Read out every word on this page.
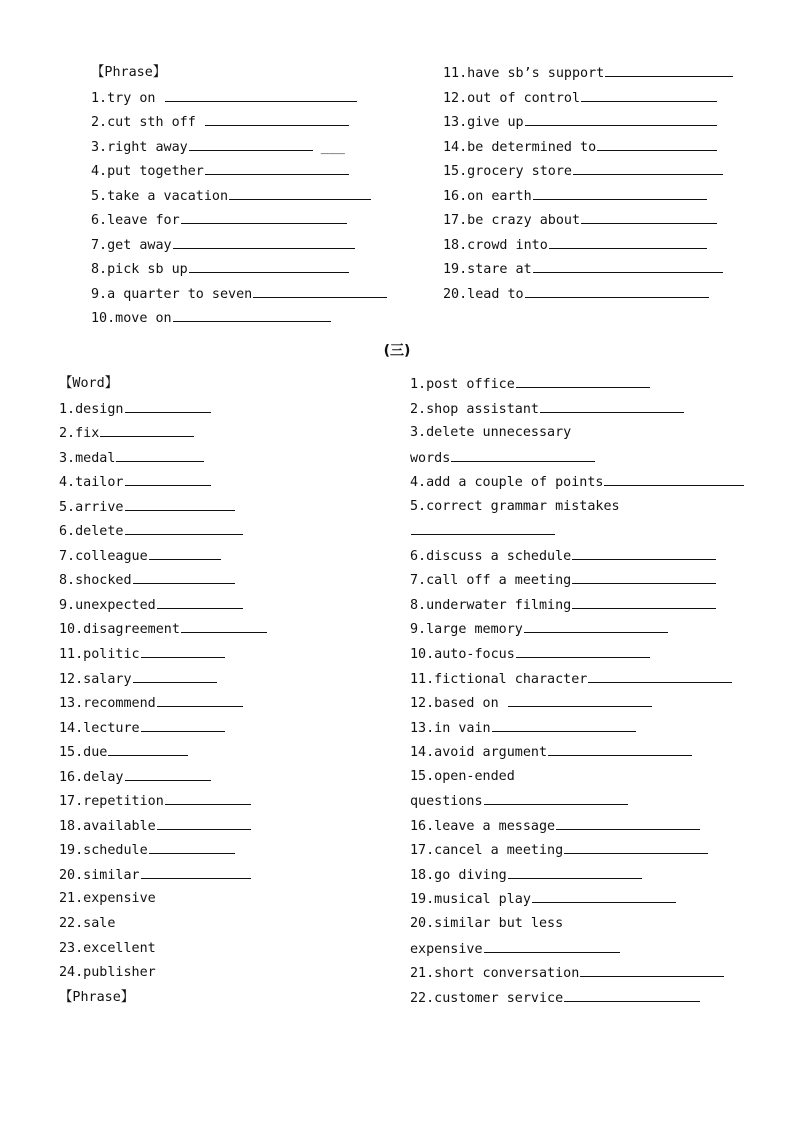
【Phrase】
1.try on
2.cut sth off
3.right away	___
4.put together
5.take a vacation
6.leave for
7.get away
8.pick sb up
9.a quarter to seven
10.move on
11.have sb’s support
12.out of control
13.give up
14.be determined to
15.grocery store
16.on earth
17.be crazy about
18.crowd into
19.stare at
20.lead to
(三)
【Word】
1.design
2.fix
3.medal
4.tailor
5.arrive
6.delete
7.colleague
8.shocked
9.unexpected
10.disagreement
11.politic
12.salary
13.recommend
14.lecture
15.due
16.delay
17.repetition
18.available
19.schedule
20.similar
21.expensive
22.sale
23.excellent
24.publisher
【Phrase】
1.post office
2.shop assistant
3.delete unnecessary
words
4.add a couple of points
5.correct grammar mistakes
6.discuss a schedule
7.call off a meeting
8.underwater filming
9.large memory
10.auto-focus
11.fictional character
12.based on
13.in vain
14.avoid argument
15.open-ended
questions
16.leave a message
17.cancel a meeting
18.go diving
19.musical play
20.similar but less
expensive
21.short conversation
22.customer service
